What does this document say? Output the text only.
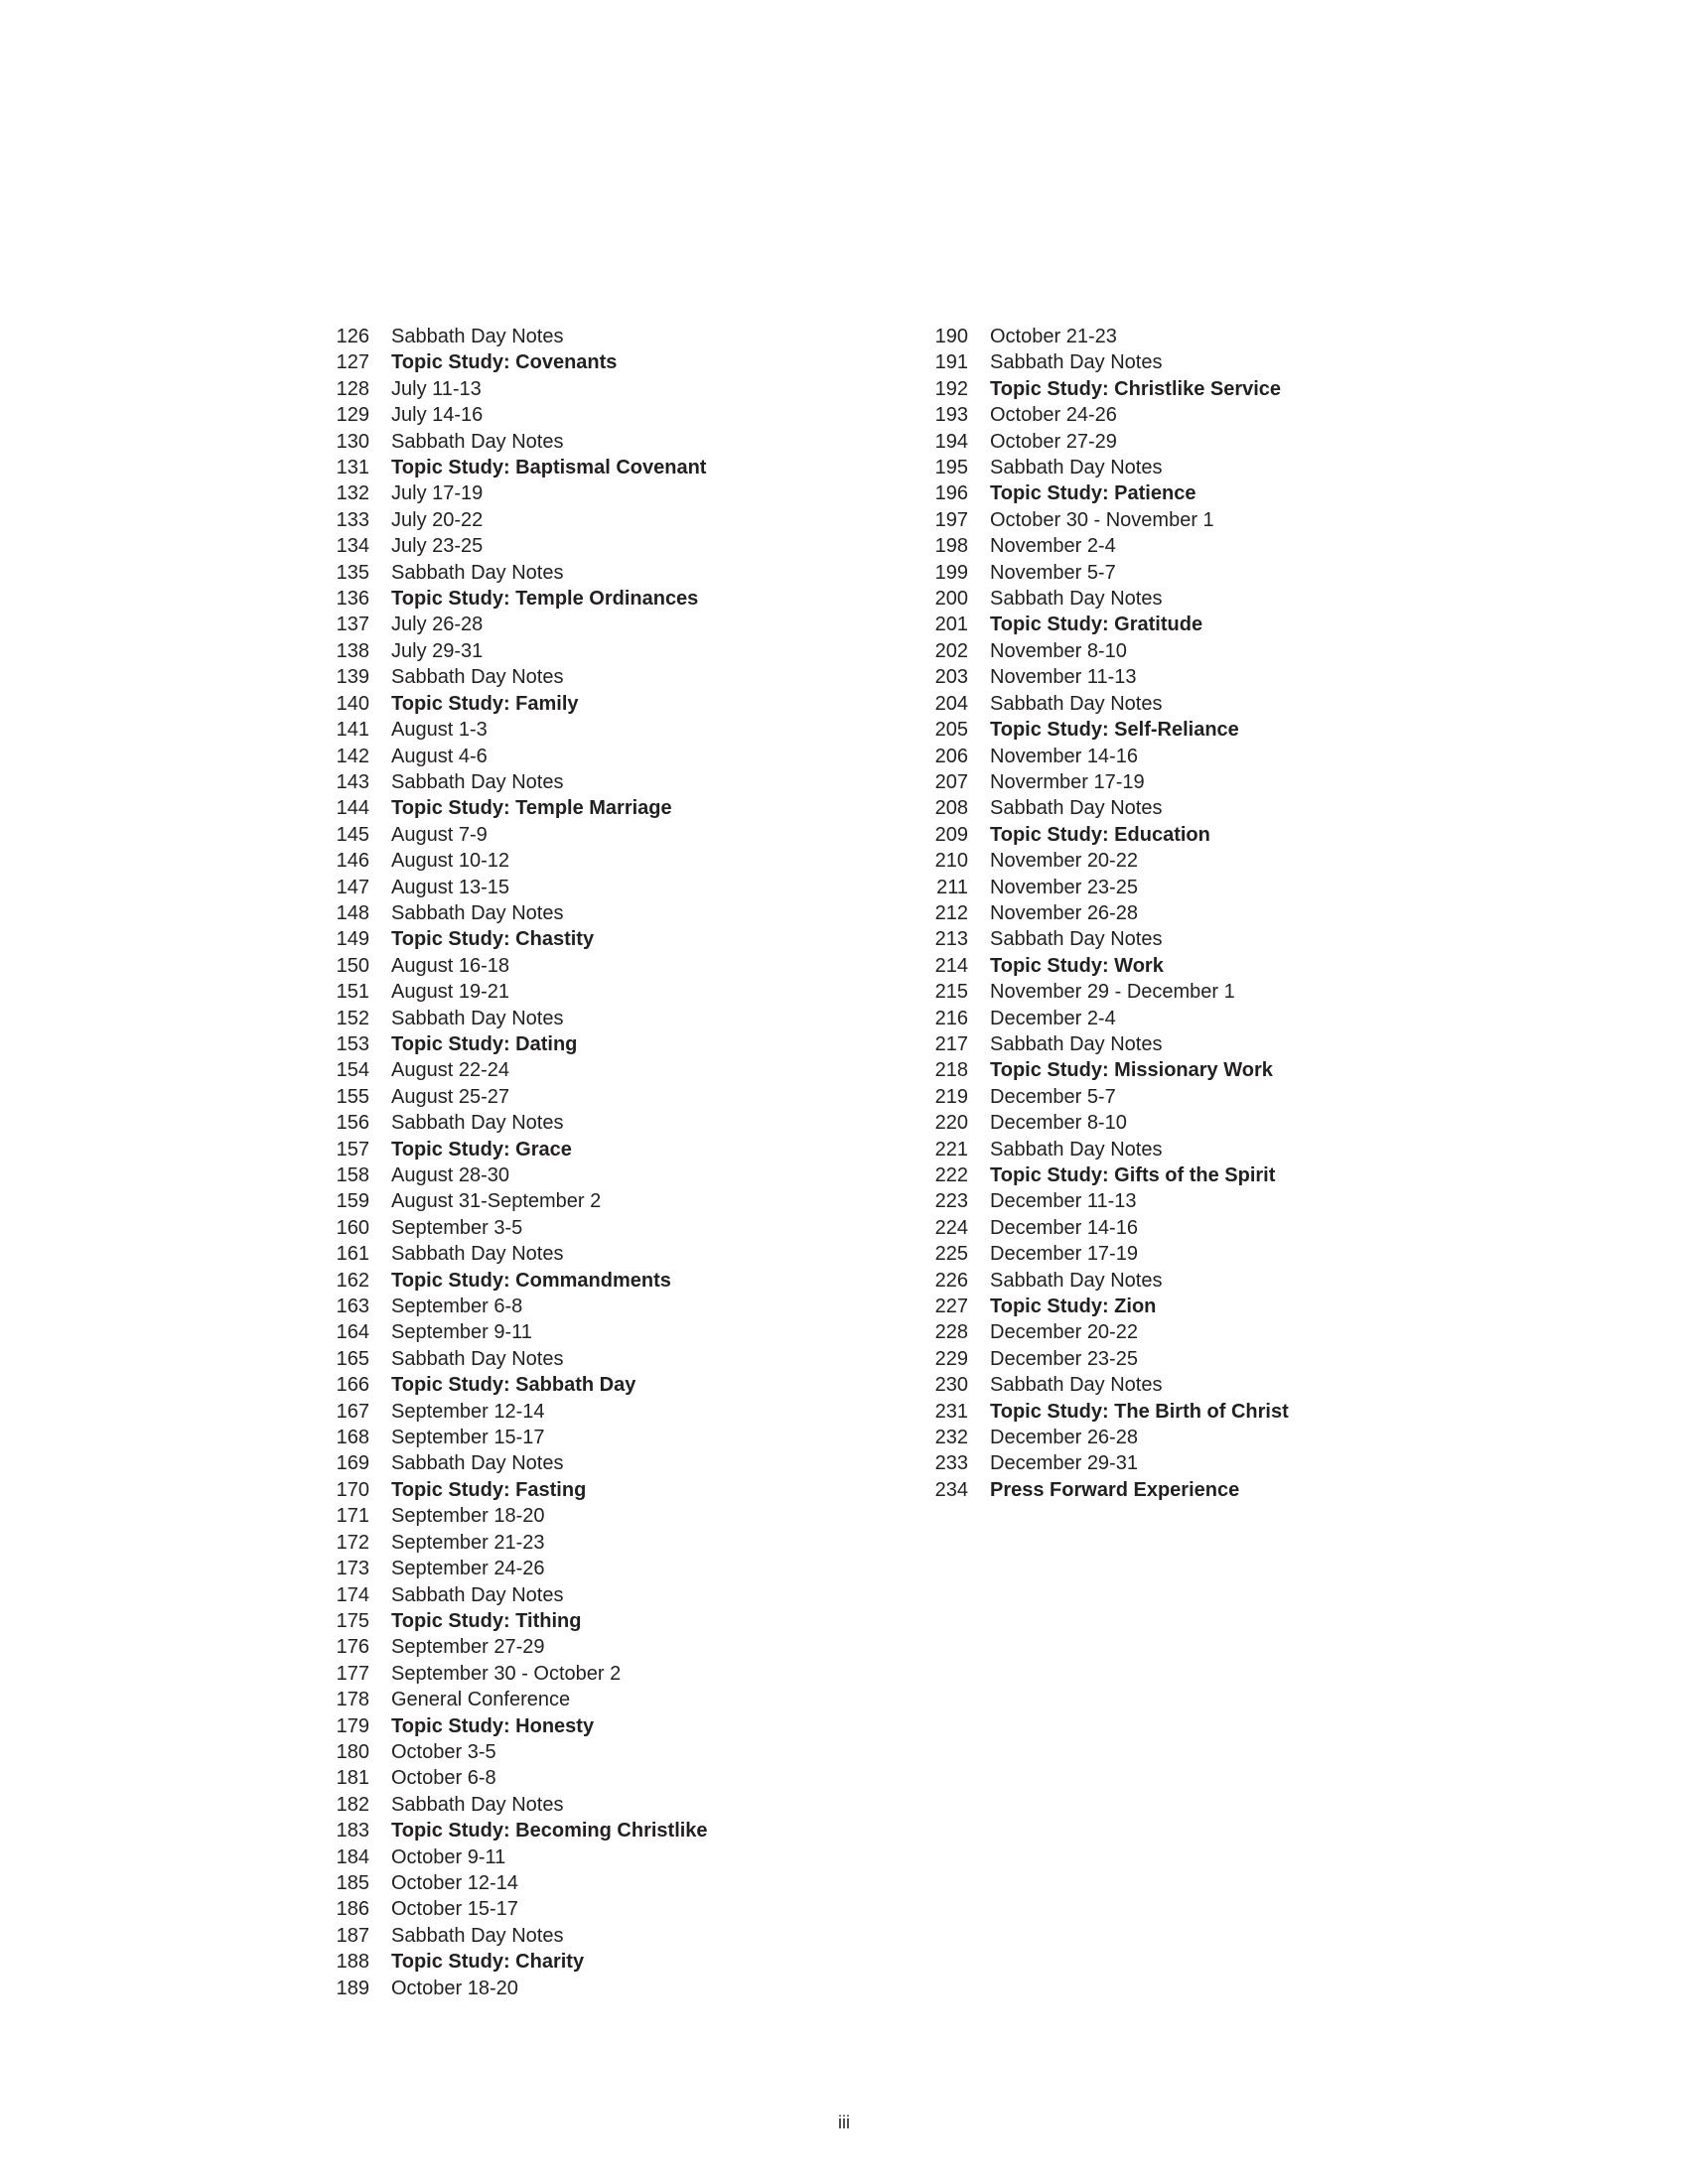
126 Sabbath Day Notes
127 Topic Study: Covenants
128 July 11-13
129 July 14-16
130 Sabbath Day Notes
131 Topic Study: Baptismal Covenant
132 July 17-19
133 July 20-22
134 July 23-25
135 Sabbath Day Notes
136 Topic Study: Temple Ordinances
137 July 26-28
138 July 29-31
139 Sabbath Day Notes
140 Topic Study: Family
141 August 1-3
142 August 4-6
143 Sabbath Day Notes
144 Topic Study: Temple Marriage
145 August 7-9
146 August 10-12
147 August 13-15
148 Sabbath Day Notes
149 Topic Study: Chastity
150 August 16-18
151 August 19-21
152 Sabbath Day Notes
153 Topic Study: Dating
154 August 22-24
155 August 25-27
156 Sabbath Day Notes
157 Topic Study: Grace
158 August 28-30
159 August 31-September 2
160 September 3-5
161 Sabbath Day Notes
162 Topic Study: Commandments
163 September 6-8
164 September 9-11
165 Sabbath Day Notes
166 Topic Study: Sabbath Day
167 September 12-14
168 September 15-17
169 Sabbath Day Notes
170 Topic Study: Fasting
171 September 18-20
172 September 21-23
173 September 24-26
174 Sabbath Day Notes
175 Topic Study: Tithing
176 September 27-29
177 September 30 - October 2
178 General Conference
179 Topic Study: Honesty
180 October 3-5
181 October 6-8
182 Sabbath Day Notes
183 Topic Study: Becoming Christlike
184 October 9-11
185 October 12-14
186 October 15-17
187 Sabbath Day Notes
188 Topic Study: Charity
189 October 18-20
190 October 21-23
191 Sabbath Day Notes
192 Topic Study: Christlike Service
193 October 24-26
194 October 27-29
195 Sabbath Day Notes
196 Topic Study: Patience
197 October 30 - November 1
198 November 2-4
199 November 5-7
200 Sabbath Day Notes
201 Topic Study: Gratitude
202 November 8-10
203 November 11-13
204 Sabbath Day Notes
205 Topic Study: Self-Reliance
206 November 14-16
207 Novermber 17-19
208 Sabbath Day Notes
209 Topic Study: Education
210 November 20-22
211 November 23-25
212 November 26-28
213 Sabbath Day Notes
214 Topic Study: Work
215 November 29 - December 1
216 December 2-4
217 Sabbath Day Notes
218 Topic Study: Missionary Work
219 December 5-7
220 December 8-10
221 Sabbath Day Notes
222 Topic Study: Gifts of the Spirit
223 December 11-13
224 December 14-16
225 December 17-19
226 Sabbath Day Notes
227 Topic Study: Zion
228 December 20-22
229 December 23-25
230 Sabbath Day Notes
231 Topic Study: The Birth of Christ
232 December 26-28
233 December 29-31
234 Press Forward Experience
iii
